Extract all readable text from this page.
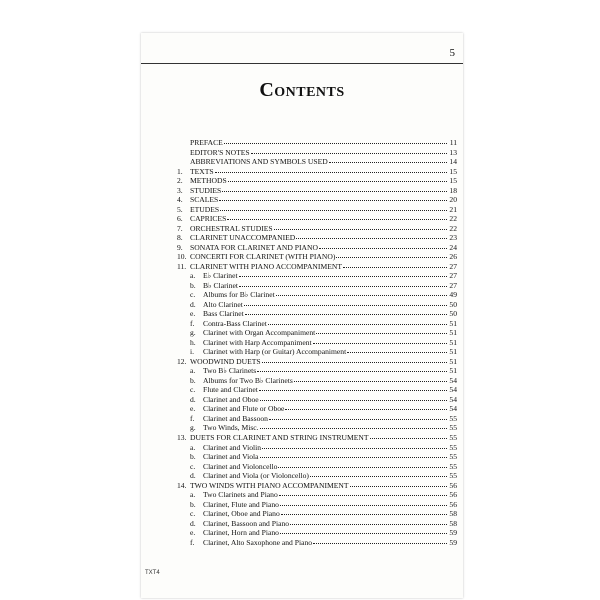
5
Contents
PREFACE	11
EDITOR'S NOTES	13
ABBREVIATIONS AND SYMBOLS USED	14
1. TEXTS	15
2. METHODS	15
3. STUDIES	18
4. SCALES	20
5. ETUDES	21
6. CAPRICES	22
7. ORCHESTRAL STUDIES	22
8. CLARINET UNACCOMPANIED	23
9. SONATA FOR CLARINET AND PIANO	24
10. CONCERTI FOR CLARINET (WITH PIANO)	26
11. CLARINET WITH PIANO ACCOMPANIMENT	27
a.	E♭ Clarinet	27
b. B♭ Clarinet	27
c.	Albums for B♭ Clarinet	49
d. Alto Clarinet	50
e.	Bass Clarinet	50
f.	Contra-Bass Clarinet	51
g. Clarinet with Organ Accompaniment	51
h. Clarinet with Harp Accompaniment	51
i.	Clarinet with Harp (or Guitar) Accompaniment	51
12. WOODWIND DUETS	51
a.	Two B♭ Clarinets	51
b. Albums for Two B♭ Clarinets	54
c.	Flute and Clarinet	54
d. Clarinet and Oboe	54
e.	Clarinet and Flute or Oboe	54
f.	Clarinet and Bassoon	55
g. Two Winds, Misc.	55
13. DUETS FOR CLARINET AND STRING INSTRUMENT	55
a.	Clarinet and Violin	55
b. Clarinet and Viola	55
c.	Clarinet and Violoncello	55
d. Clarinet and Viola (or Violoncello)	55
14. TWO WINDS WITH PIANO ACCOMPANIMENT	56
a.	Two Clarinets and Piano	56
b. Clarinet, Flute and Piano	56
c.	Clarinet, Oboe and Piano	58
d. Clarinet, Bassoon and Piano	58
e.	Clarinet, Horn and Piano	59
f.	Clarinet, Alto Saxophone and Piano	59
TXT4
